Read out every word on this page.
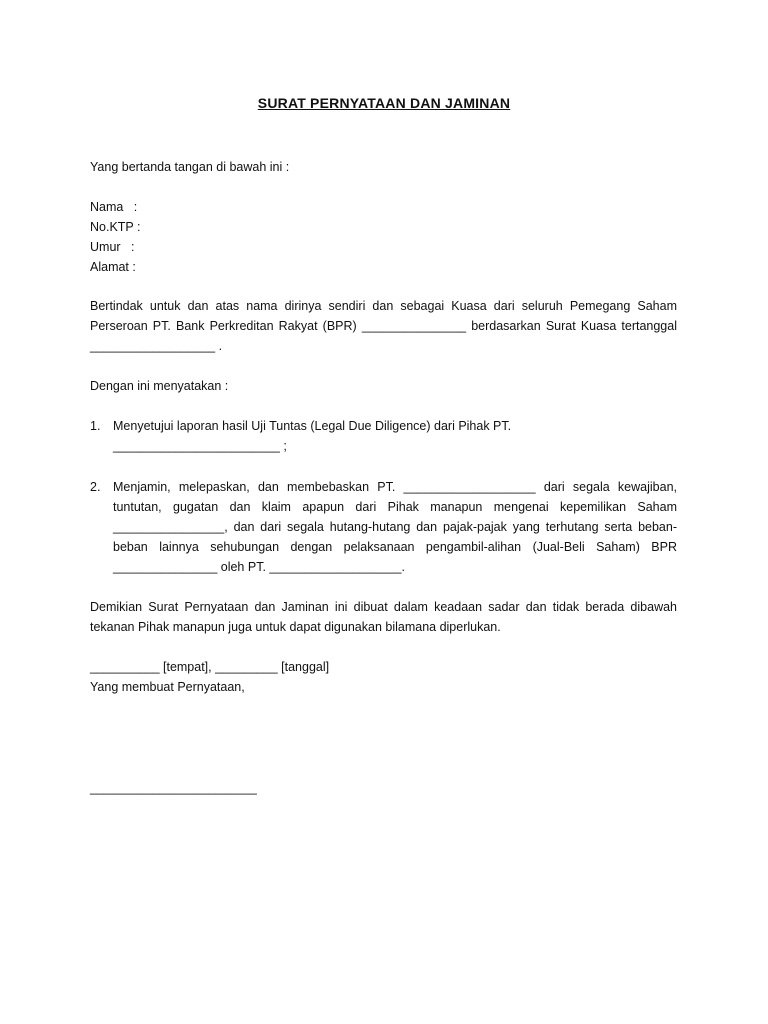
SURAT PERNYATAAN DAN JAMINAN
Yang bertanda tangan di bawah ini :
Nama   :
No.KTP :
Umur   :
Alamat :
Bertindak untuk dan atas nama dirinya sendiri dan sebagai Kuasa dari seluruh Pemegang Saham
Perseroan PT. Bank Perkreditan Rakyat (BPR) _______________ berdasarkan Surat Kuasa tertanggal
__________________ .
Dengan ini menyatakan :
1. Menyetujui laporan hasil Uji Tuntas (Legal Due Diligence) dari Pihak PT.
________________________ ;
2. Menjamin, melepaskan, dan membebaskan PT. ___________________ dari segala kewajiban,
tuntutan, gugatan dan klaim apapun dari Pihak manapun mengenai kepemilikan Saham
________________, dan dari segala hutang-hutang dan pajak-pajak yang terhutang serta beban-
beban lainnya sehubungan dengan pelaksanaan pengambil-alihan (Jual-Beli Saham) BPR
_______________ oleh PT. ___________________.
Demikian Surat Pernyataan dan Jaminan ini dibuat dalam keadaan sadar dan tidak berada dibawah
tekanan Pihak manapun juga untuk dapat digunakan bilamana diperlukan.
__________ [tempat], _________ [tanggal]
Yang membuat Pernyataan,
________________________
